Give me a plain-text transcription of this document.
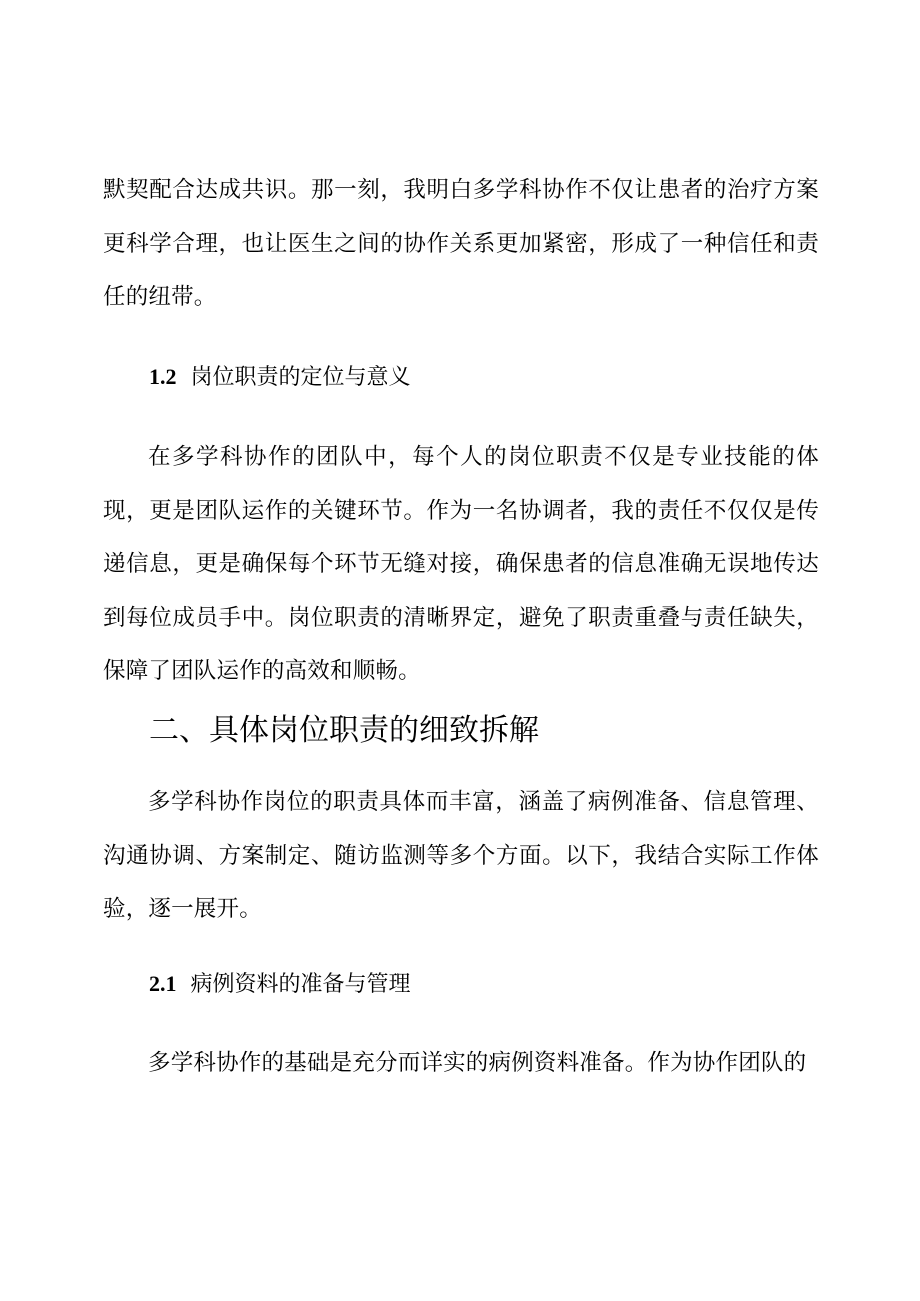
默契配合达成共识。那一刻，我明白多学科协作不仅让患者的治疗方案更科学合理，也让医生之间的协作关系更加紧密，形成了一种信任和责任的纽带。

1.2 岗位职责的定位与意义

在多学科协作的团队中，每个人的岗位职责不仅是专业技能的体现，更是团队运作的关键环节。作为一名协调者，我的责任不仅仅是传递信息，更是确保每个环节无缝对接，确保患者的信息准确无误地传达到每位成员手中。岗位职责的清晰界定，避免了职责重叠与责任缺失，保障了团队运作的高效和顺畅。

二、具体岗位职责的细致拆解

多学科协作岗位的职责具体而丰富，涵盖了病例准备、信息管理、沟通协调、方案制定、随访监测等多个方面。以下，我结合实际工作体验，逐一展开。

2.1 病例资料的准备与管理

多学科协作的基础是充分而详实的病例资料准备。作为协作团队的
